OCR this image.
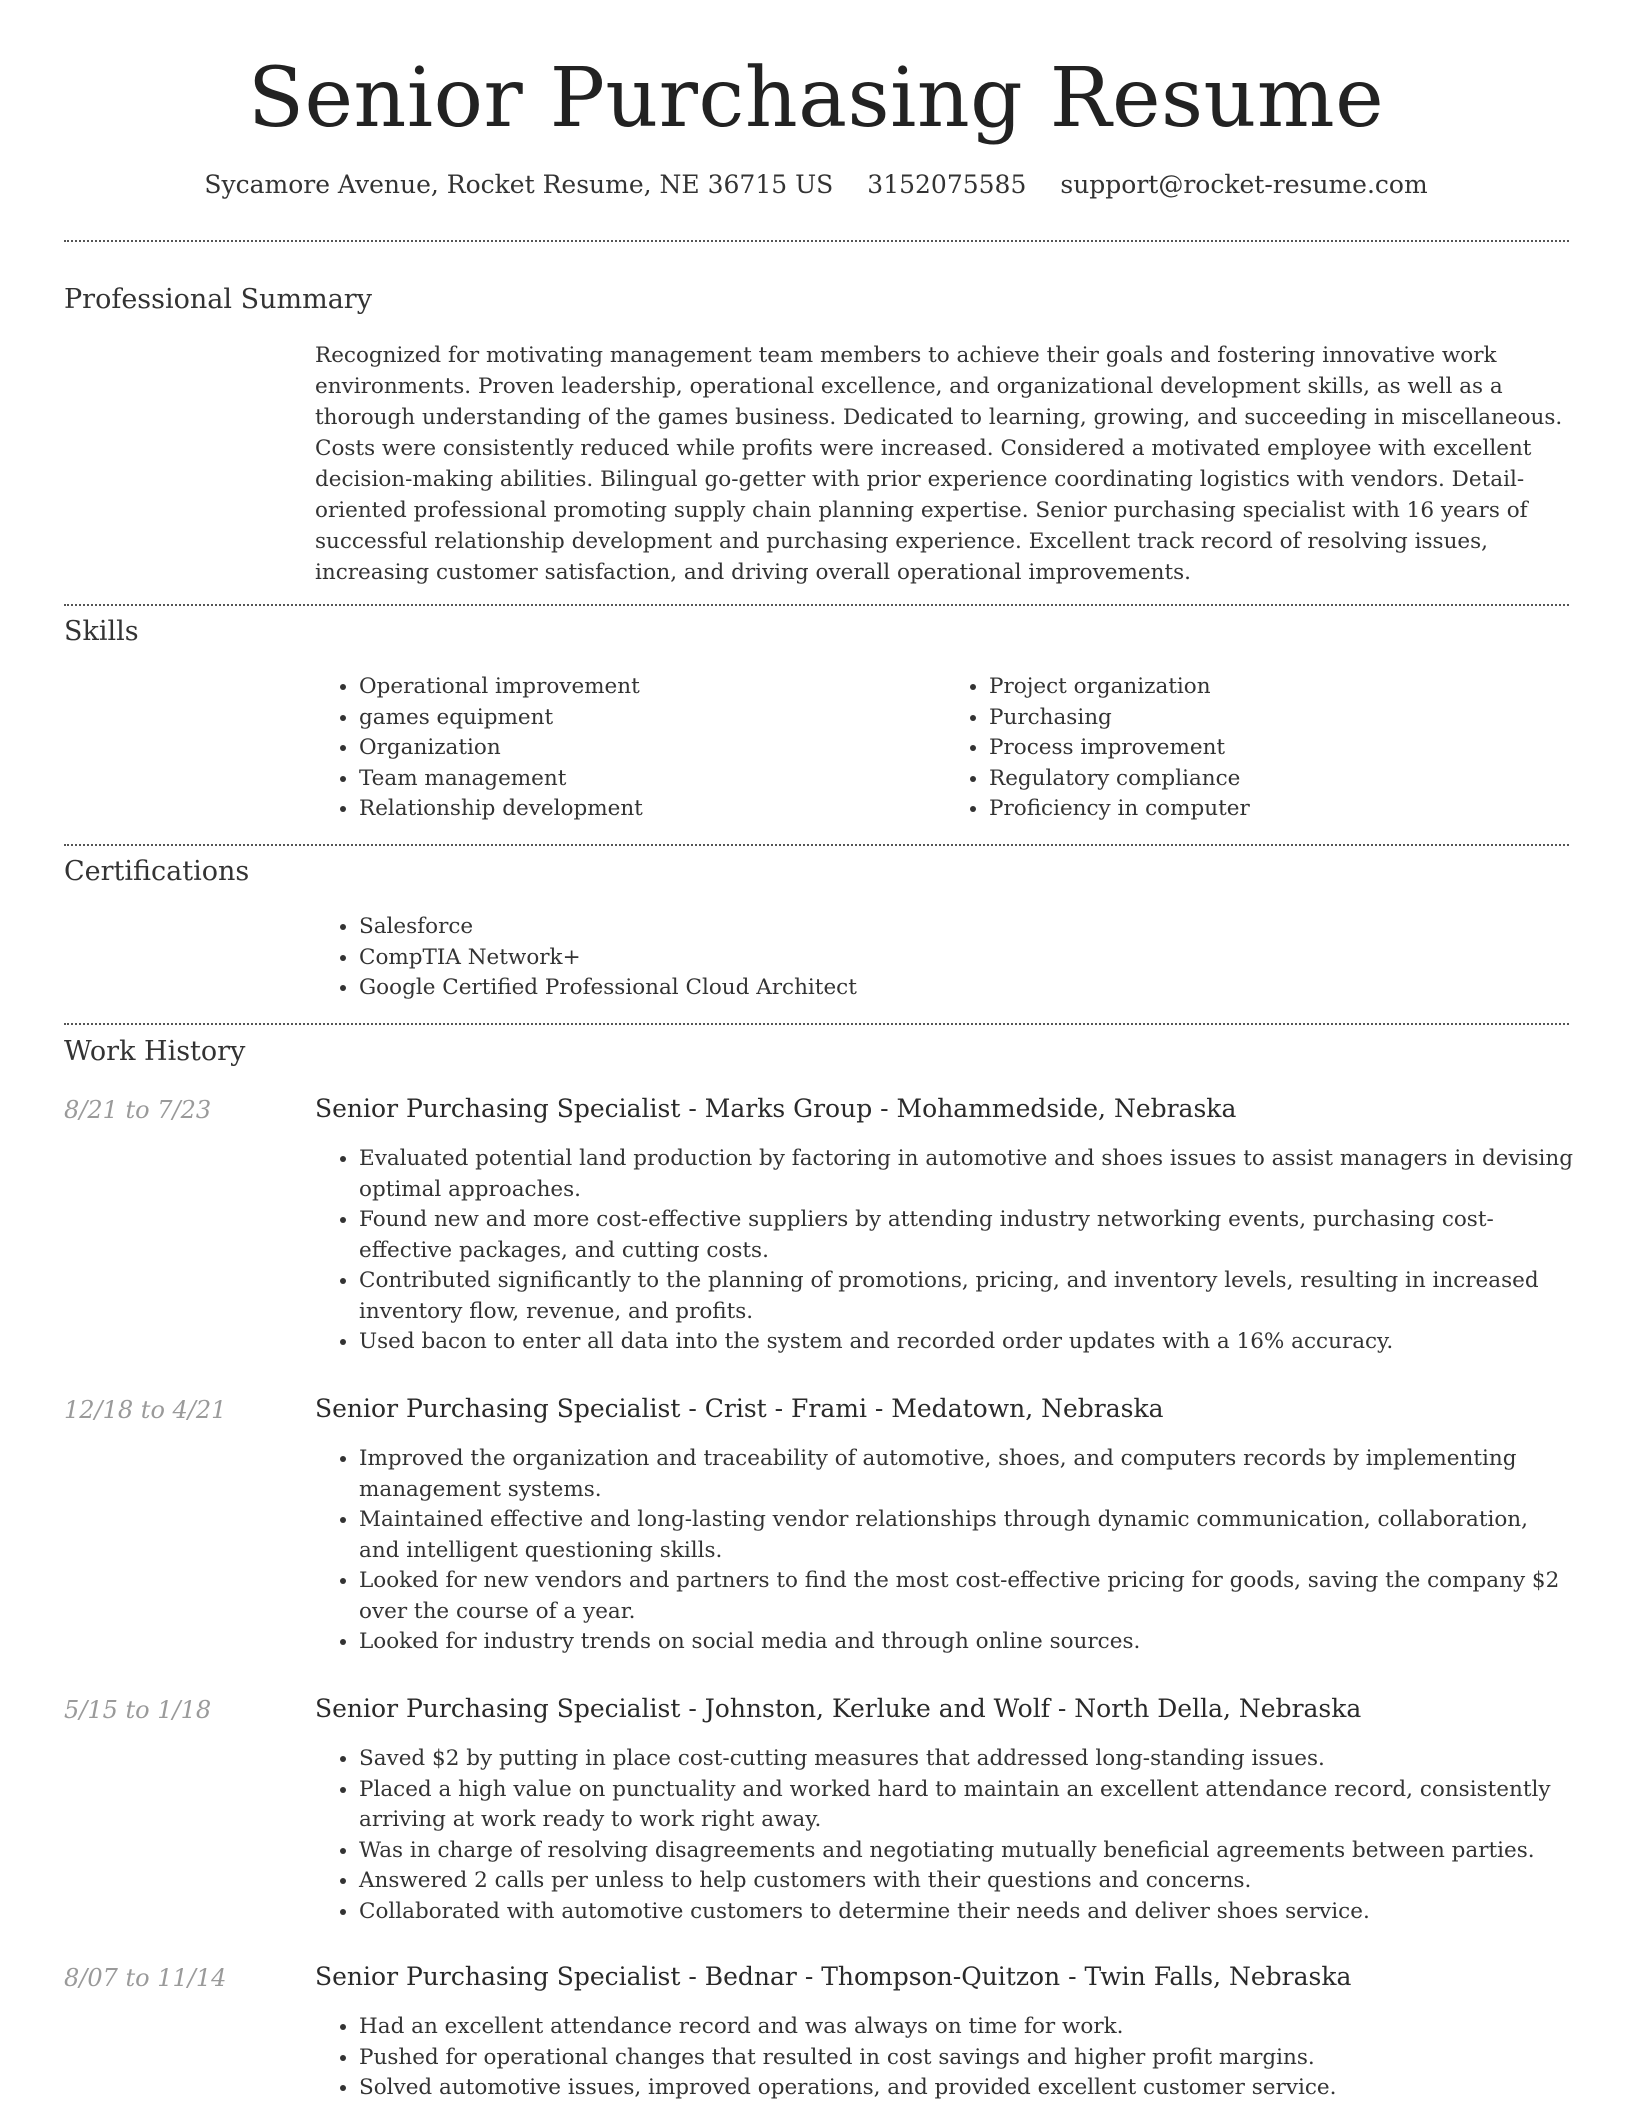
Senior Purchasing Resume
Sycamore Avenue, Rocket Resume, NE 36715 US 3152075585 support@rocket-resume.com
Professional Summary

Recognized for motivating management team members to achieve their goals and fostering innovative work environments. Proven leadership, operational excellence, and organizational development skills, as well as a thorough understanding of the games business. Dedicated to learning, growing, and succeeding in miscellaneous. Costs were consistently reduced while profits were increased. Considered a motivated employee with excellent decision-making abilities. Bilingual go-getter with prior experience coordinating logistics with vendors. Detail-oriented professional promoting supply chain planning expertise. Senior purchasing specialist with 16 years of successful relationship development and purchasing experience. Excellent track record of resolving issues, increasing customer satisfaction, and driving overall operational improvements.

Skills
• Operational improvement
• games equipment
• Organization
• Team management
• Relationship development
• Project organization
• Purchasing
• Process improvement
• Regulatory compliance
• Proficiency in computer
Certifications
• Salesforce
• CompTIA Network+
• Google Certified Professional Cloud Architect
Work History
8/21 to 7/23	Senior Purchasing Specialist - Marks Group - Mohammedside, Nebraska
• Evaluated potential land production by factoring in automotive and shoes issues to assist managers in devising optimal approaches.
• Found new and more cost-effective suppliers by attending industry networking events, purchasing cost-effective packages, and cutting costs.
• Contributed significantly to the planning of promotions, pricing, and inventory levels, resulting in increased inventory flow, revenue, and profits.
• Used bacon to enter all data into the system and recorded order updates with a 16% accuracy.
12/18 to 4/21	Senior Purchasing Specialist - Crist - Frami - Medatown, Nebraska
• Improved the organization and traceability of automotive, shoes, and computers records by implementing management systems.
• Maintained effective and long-lasting vendor relationships through dynamic communication, collaboration, and intelligent questioning skills.
• Looked for new vendors and partners to find the most cost-effective pricing for goods, saving the company $2 over the course of a year.
• Looked for industry trends on social media and through online sources.
5/15 to 1/18	Senior Purchasing Specialist - Johnston, Kerluke and Wolf - North Della, Nebraska
• Saved $2 by putting in place cost-cutting measures that addressed long-standing issues.
• Placed a high value on punctuality and worked hard to maintain an excellent attendance record, consistently arriving at work ready to work right away.
• Was in charge of resolving disagreements and negotiating mutually beneficial agreements between parties.
• Answered 2 calls per unless to help customers with their questions and concerns.
• Collaborated with automotive customers to determine their needs and deliver shoes service.
8/07 to 11/14	Senior Purchasing Specialist - Bednar - Thompson-Quitzon - Twin Falls, Nebraska
• Had an excellent attendance record and was always on time for work.
• Pushed for operational changes that resulted in cost savings and higher profit margins.
• Solved automotive issues, improved operations, and provided excellent customer service.
